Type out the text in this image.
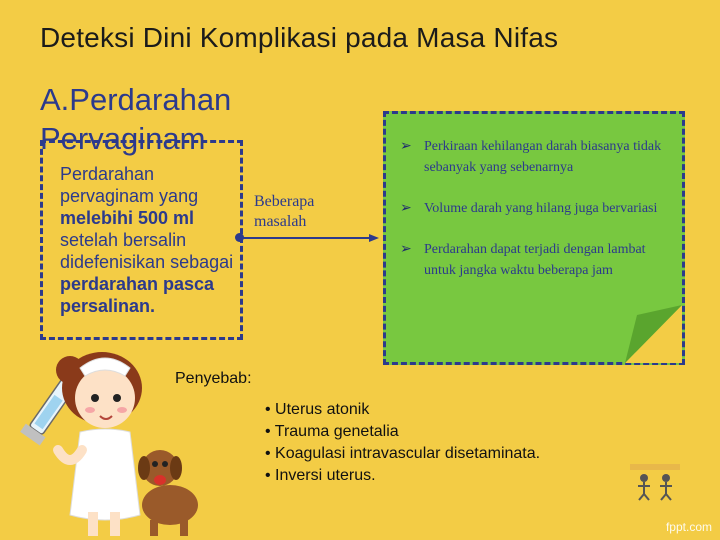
Deteksi Dini Komplikasi pada Masa Nifas
A.Perdarahan Pervaginam
Perdarahan pervaginam yang melebihi 500 ml setelah bersalin didefenisikan sebagai perdarahan pasca persalinan.
Beberapa masalah
➢ Perkiraan kehilangan darah biasanya tidak sebanyak yang sebenarnya
➢ Volume darah yang hilang juga bervariasi
➢ Perdarahan dapat terjadi dengan lambat untuk jangka waktu beberapa jam
Penyebab:
• Uterus atonik
• Trauma genetalia
• Koagulasi intravascular disetaminata.
• Inversi uterus.
fppt.com
